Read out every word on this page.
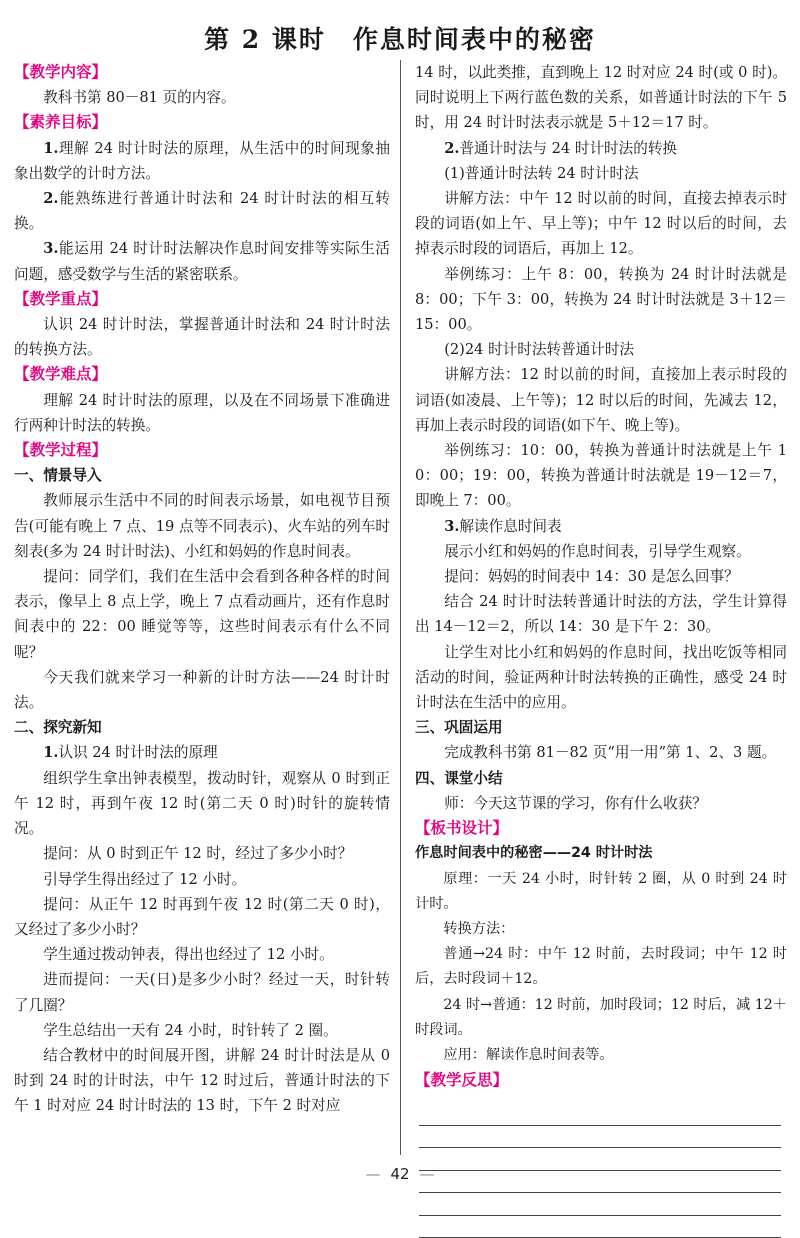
第 2 课时　作息时间表中的秘密

【教学内容】

教科书第 80－81 页的内容。

【素养目标】

1.理解 24 时计时法的原理，从生活中的时间现象抽象出数学的计时方法。

2.能熟练进行普通计时法和 24 时计时法的相互转换。

3.能运用 24 时计时法解决作息时间安排等实际生活问题，感受数学与生活的紧密联系。

【教学重点】

认识 24 时计时法，掌握普通计时法和 24 时计时法的转换方法。

【教学难点】

理解 24 时计时法的原理，以及在不同场景下准确进行两种计时法的转换。

【教学过程】

一、情景导入

教师展示生活中不同的时间表示场景，如电视节目预告(可能有晚上 7 点、19 点等不同表示)、火车站的列车时刻表(多为 24 时计时法)、小红和妈妈的作息时间表。

提问：同学们，我们在生活中会看到各种各样的时间表示，像早上 8 点上学，晚上 7 点看动画片，还有作息时间表中的 22：00 睡觉等等，这些时间表示有什么不同呢？

今天我们就来学习一种新的计时方法——24 时计时法。

二、探究新知

1.认识 24 时计时法的原理

组织学生拿出钟表模型，拨动时针，观察从 0 时到正午 12 时，再到午夜 12 时(第二天 0 时)时针的旋转情况。

提问：从 0 时到正午 12 时，经过了多少小时？

引导学生得出经过了 12 小时。

提问：从正午 12 时再到午夜 12 时(第二天 0 时)，又经过了多少小时？

学生通过拨动钟表，得出也经过了 12 小时。

进而提问：一天(日)是多少小时？经过一天，时针转了几圈？

学生总结出一天有 24 小时，时针转了 2 圈。

结合教材中的时间展开图，讲解 24 时计时法是从 0 时到 24 时的计时法，中午 12 时过后，普通计时法的下午 1 时对应 24 时计时法的 13 时，下午 2 时对应

14 时，以此类推，直到晚上 12 时对应 24 时(或 0 时)。同时说明上下两行蓝色数的关系，如普通计时法的下午 5 时，用 24 时计时法表示就是 5＋12＝17 时。

2.普通计时法与 24 时计时法的转换

(1)普通计时法转 24 时计时法

讲解方法：中午 12 时以前的时间，直接去掉表示时段的词语(如上午、早上等)；中午 12 时以后的时间，去掉表示时段的词语后，再加上 12。

举例练习：上午 8：00，转换为 24 时计时法就是 8：00；下午 3：00，转换为 24 时计时法就是 3＋12＝15：00。

(2)24 时计时法转普通计时法

讲解方法：12 时以前的时间，直接加上表示时段的词语(如凌晨、上午等)；12 时以后的时间，先减去 12，再加上表示时段的词语(如下午、晚上等)。

举例练习：10：00，转换为普通计时法就是上午 10：00；19：00，转换为普通计时法就是 19－12＝7，即晚上 7：00。

3.解读作息时间表

展示小红和妈妈的作息时间表，引导学生观察。

提问：妈妈的时间表中 14：30 是怎么回事？

结合 24 时计时法转普通计时法的方法，学生计算得出 14－12＝2，所以 14：30 是下午 2：30。

让学生对比小红和妈妈的作息时间，找出吃饭等相同活动的时间，验证两种计时法转换的正确性，感受 24 时计时法在生活中的应用。

三、巩固运用

完成教科书第 81－82 页“用一用”第 1、2、3 题。

四、课堂小结

师：今天这节课的学习，你有什么收获？

【板书设计】

作息时间表中的秘密——24 时计时法

原理：一天 24 小时，时针转 2 圈，从 0 时到 24 时计时。

转换方法：

普通→24 时：中午 12 时前，去时段词；中午 12 时后，去时段词＋12。

24 时→普通：12 时前，加时段词；12 时后，减 12＋时段词。

应用：解读作息时间表等。

【教学反思】

— 42 —
